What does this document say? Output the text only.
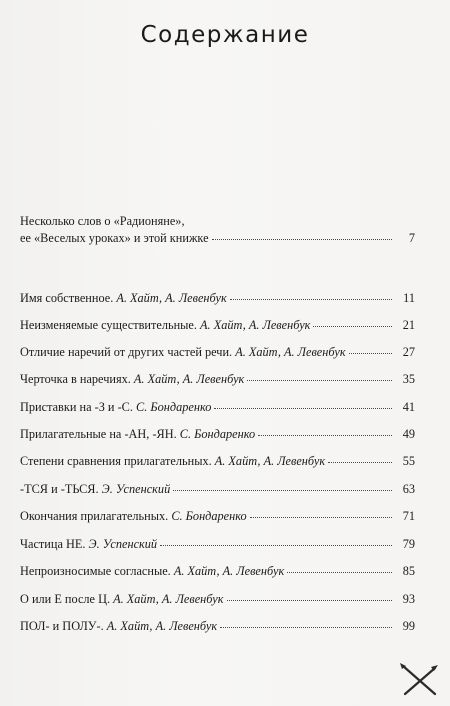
Содержание
Несколько слов о «Радионяне»,
ее «Веселых уроках» и этой книжке	7
Имя собственное. А. Хайт, А. Левенбук	11
Неизменяемые существительные. А. Хайт, А. Левенбук	21
Отличие наречий от других частей речи. А. Хайт, А. Левенбук	27
Черточка в наречиях. А. Хайт, А. Левенбук	35
Приставки на -З и -С. С. Бондаренко	41
Прилагательные на -АН, -ЯН. С. Бондаренко	49
Степени сравнения прилагательных. А. Хайт, А. Левенбук	55
-ТСЯ и -ТЬСЯ. Э. Успенский	63
Окончания прилагательных. С. Бондаренко	71
Частица НЕ. Э. Успенский	79
Непроизносимые согласные. А. Хайт, А. Левенбук	85
О или Е после Ц. А. Хайт, А. Левенбук	93
ПОЛ- и ПОЛУ-. А. Хайт, А. Левенбук	99
